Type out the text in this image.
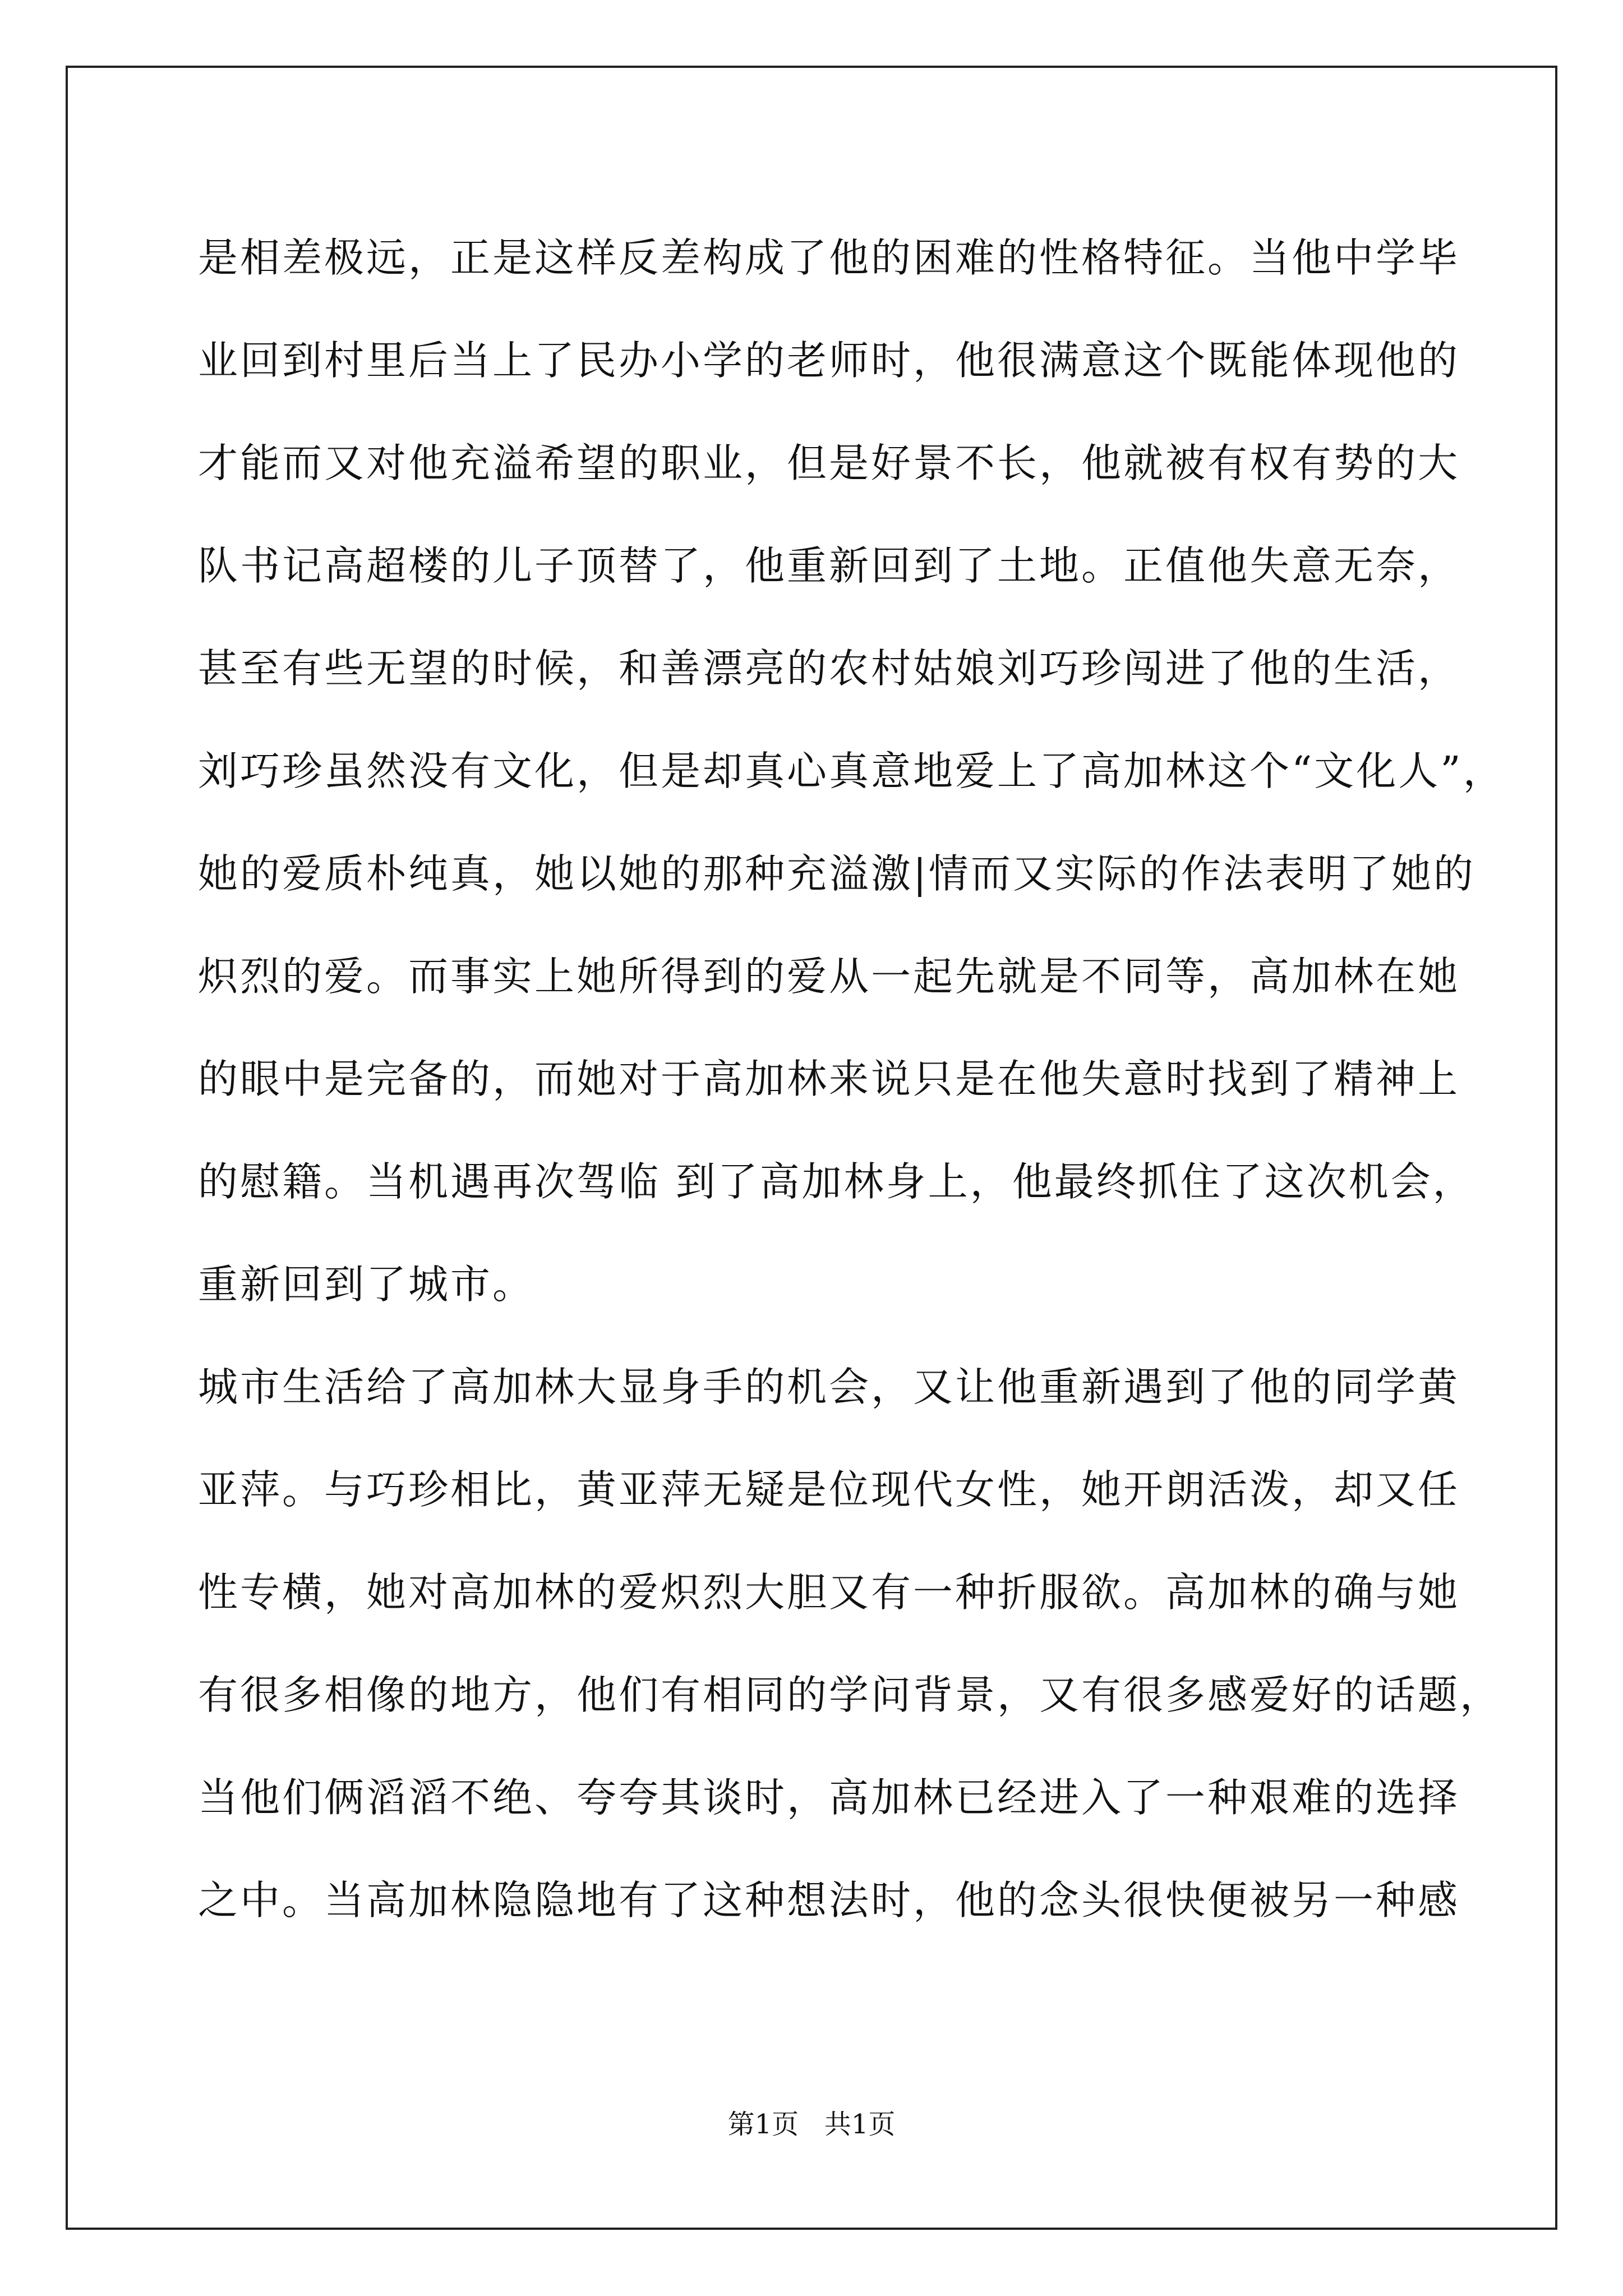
是相差极远，正是这样反差构成了他的困难的性格特征。当他中学毕
业回到村里后当上了民办小学的老师时，他很满意这个既能体现他的
才能而又对他充溢希望的职业，但是好景不长，他就被有权有势的大
队书记高超楼的儿子顶替了，他重新回到了土地。正值他失意无奈，
甚至有些无望的时候，和善漂亮的农村姑娘刘巧珍闯进了他的生活，
刘巧珍虽然没有文化，但是却真心真意地爱上了高加林这个“文化人”，
她的爱质朴纯真，她以她的那种充溢激|情而又实际的作法表明了她的
炽烈的爱。而事实上她所得到的爱从一起先就是不同等，高加林在她
的眼中是完备的，而她对于高加林来说只是在他失意时找到了精神上
的慰籍。当机遇再次驾临 到了高加林身上，他最终抓住了这次机会，
重新回到了城市。
城市生活给了高加林大显身手的机会，又让他重新遇到了他的同学黄
亚萍。与巧珍相比，黄亚萍无疑是位现代女性，她开朗活泼，却又任
性专横，她对高加林的爱炽烈大胆又有一种折服欲。高加林的确与她
有很多相像的地方，他们有相同的学问背景，又有很多感爱好的话题，
当他们俩滔滔不绝、夸夸其谈时，高加林已经进入了一种艰难的选择
之中。当高加林隐隐地有了这种想法时，他的念头很快便被另一种感
第1页   共1页
